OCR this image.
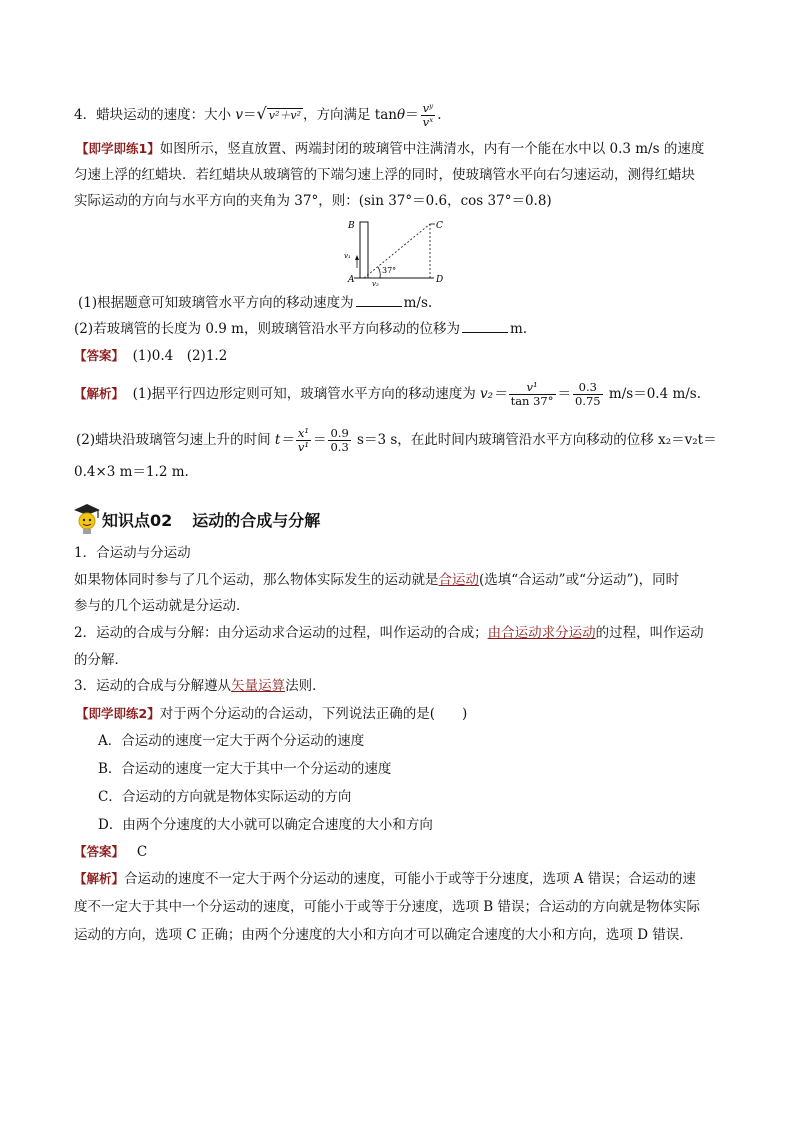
4．蜡块运动的速度：大小 v＝√ v²＋v² ，方向满足 $\tan\theta= \frac{\text{vʸ}}{\text{vˣ}}$ .
【即学即练1】如图所示，竖直放置、两端封闭的玻璃管中注满清水，内有一个能在水中以 0.3 m/s 的速度
匀速上浮的红蜡块．若红蜡块从玻璃管的下端匀速上浮的同时，使玻璃管水平向右匀速运动，测得红蜡块
实际运动的方向与水平方向的夹角为 37°，则：(sin 37°＝0.6，cos 37°＝0.8)
B
A
C
D
v₁
v₂
37°
(1)根据题意可知玻璃管水平方向的移动速度为	m/s.
(2)若玻璃管的长度为 0.9 m，则玻璃管沿水平方向移动的位移为	m.
【答案】 (1)0.4　(2)1.2
【解析】 (1)据平行四边形定则可知，玻璃管水平方向的移动速度为 $v_2= \frac{\text{v¹}}{\tan 37^\circ} = \frac{0.3}{0.75} m/s=0.4$ m/s.
(2)蜡块沿玻璃管匀速上升的时间 $t= \frac{\text{x¹}}{\text{v¹}} = \frac{0.9}{0.3} s=3$ s，在此时间内玻璃管沿水平方向移动的位移 x₂＝v₂t＝
0.4×3 m＝1.2 m.
知识点02 运动的合成与分解
1．合运动与分运动
如果物体同时参与了几个运动，那么物体实际发生的运动就是合运动(选填“合运动”或“分运动”)，同时
参与的几个运动就是分运动．
2．运动的合成与分解：由分运动求合运动的过程，叫作运动的合成；由合运动求分运动的过程，叫作运动
的分解．
3．运动的合成与分解遵从矢量运算法则．
【即学即练2】对于两个分运动的合运动，下列说法正确的是(　　)
A．合运动的速度一定大于两个分运动的速度
B．合运动的速度一定大于其中一个分运动的速度
C．合运动的方向就是物体实际运动的方向
D．由两个分速度的大小就可以确定合速度的大小和方向
【答案】 C
【解析】合运动的速度不一定大于两个分运动的速度，可能小于或等于分速度，选项 A 错误；合运动的速
度不一定大于其中一个分运动的速度，可能小于或等于分速度，选项 B 错误；合运动的方向就是物体实际
运动的方向，选项 C 正确；由两个分速度的大小和方向才可以确定合速度的大小和方向，选项 D 错误．
